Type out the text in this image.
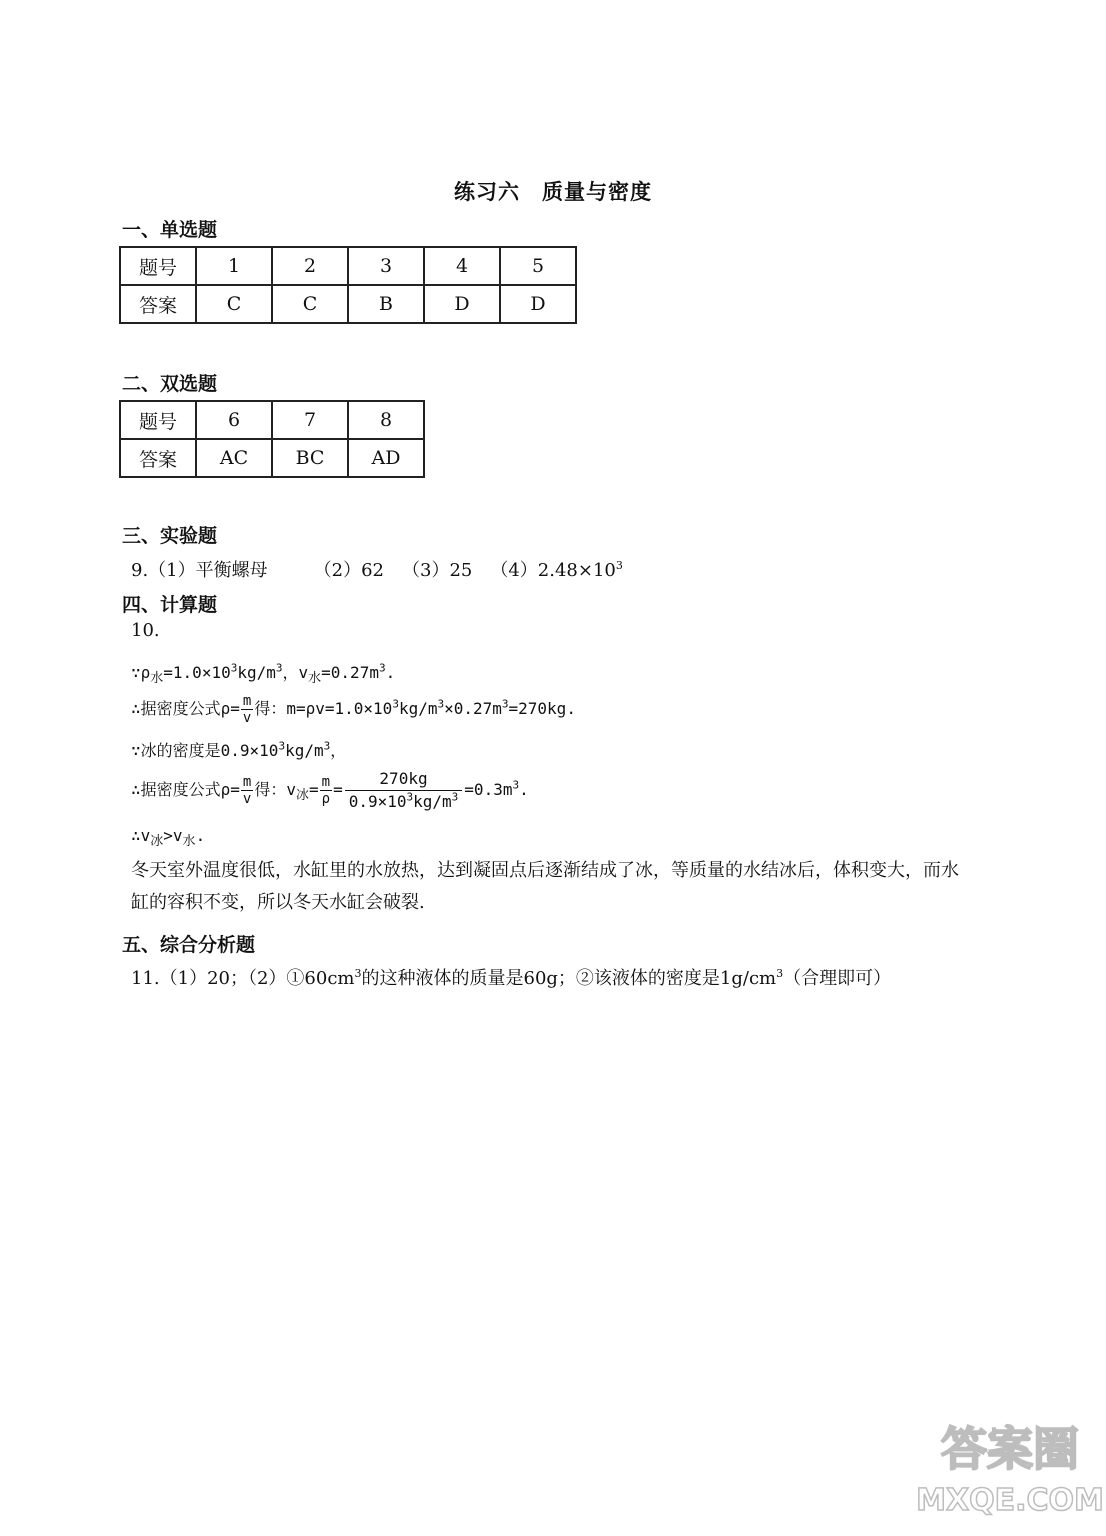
练习六　质量与密度
一、单选题
题号	1	2	3	4	5
答案	C	C	B	D	D
二、双选题
题号	6	7	8
答案	AC	BC	AD
三、实验题
9.（1）平衡螺母	（2）62 （3）25 $(4)2.48\times 10^3$
四、计算题
10.
$\because\rho_水=1.0\times 10^3kg/m^3$，$v_水=0.27m^3$.
∴据密度公式$\rho= \frac{m}{v}$ 得：$m=\rho v=1.0\times 10^3kg/m^3\times 0.27m^3=270kg$.
∵冰的密度是$0.9\times 10^3kg/m^3$，
∴据密度公式$\rho= \frac{m}{v}$ 得：$v_冰= \frac{m}{\rho} = \frac{270kg}{0.9\times 10^3kg/m^3} =0.3m^3$.
$\therefore v_冰>v_水$.
冬天室外温度很低，水缸里的水放热，达到凝固点后逐渐结成了冰，等质量的水结冰后，体积变大，而水缸的容积不变，所以冬天水缸会破裂.
五、综合分析题
11.（1）20；$(2)①60cm^3$的这种液体的质量是60g；②该液体的密度是$1g/cm^3$（合理即可）
答案圈
MXQE.COM
